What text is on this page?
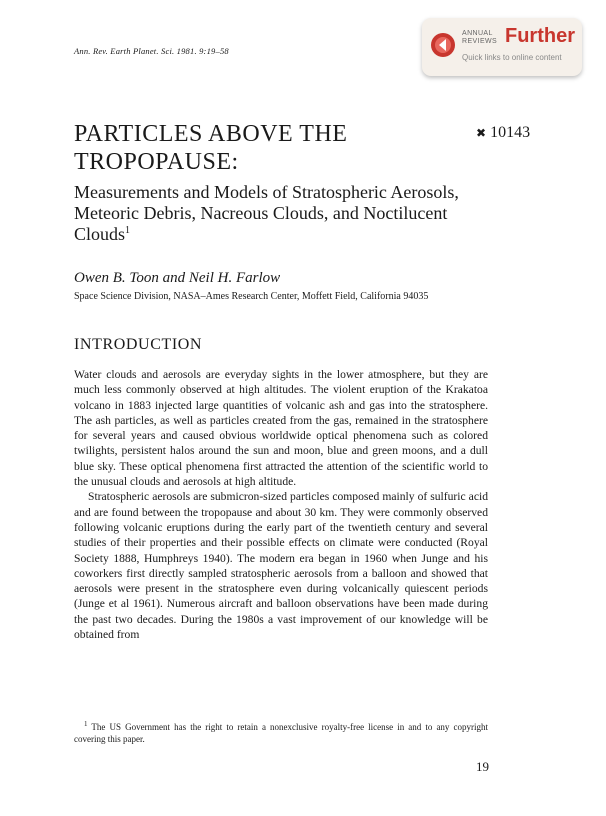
Ann. Rev. Earth Planet. Sci. 1981. 9:19–58
ANNUAL
REVIEWS Further
Quick links to online content
PARTICLES ABOVE THE TROPOPAUSE:
✖ 10143
Measurements and Models of Stratospheric Aerosols, Meteoric Debris, Nacreous Clouds, and Noctilucent Clouds$^1$
Owen B. Toon and Neil H. Farlow
Space Science Division, NASA–Ames Research Center, Moffett Field, California 94035
INTRODUCTION

Water clouds and aerosols are everyday sights in the lower atmosphere, but they are much less commonly observed at high altitudes. The violent eruption of the Krakatoa volcano in 1883 injected large quantities of volcanic ash and gas into the stratosphere. The ash particles, as well as particles created from the gas, remained in the stratosphere for several years and caused obvious worldwide optical phenomena such as colored twilights, persistent halos around the sun and moon, blue and green moons, and a dull blue sky. These optical phenomena first attracted the attention of the scientific world to the unusual clouds and aerosols at high altitude.

Stratospheric aerosols are submicron-sized particles composed mainly of sulfuric acid and are found between the tropopause and about 30 km. They were commonly observed following volcanic eruptions during the early part of the twentieth century and several studies of their properties and their possible effects on climate were conducted (Royal Society 1888, Humphreys 1940). The modern era began in 1960 when Junge and his coworkers first directly sampled stratospheric aerosols from a balloon and showed that aerosols were present in the stratosphere even during volcanically quiescent periods (Junge et al 1961). Numerous aircraft and balloon observations have been made during the past two decades. During the 1980s a vast improvement of our knowledge will be obtained from

$^1$ The US Government has the right to retain a nonexclusive royalty-free license in and to any copyright covering this paper.
19
